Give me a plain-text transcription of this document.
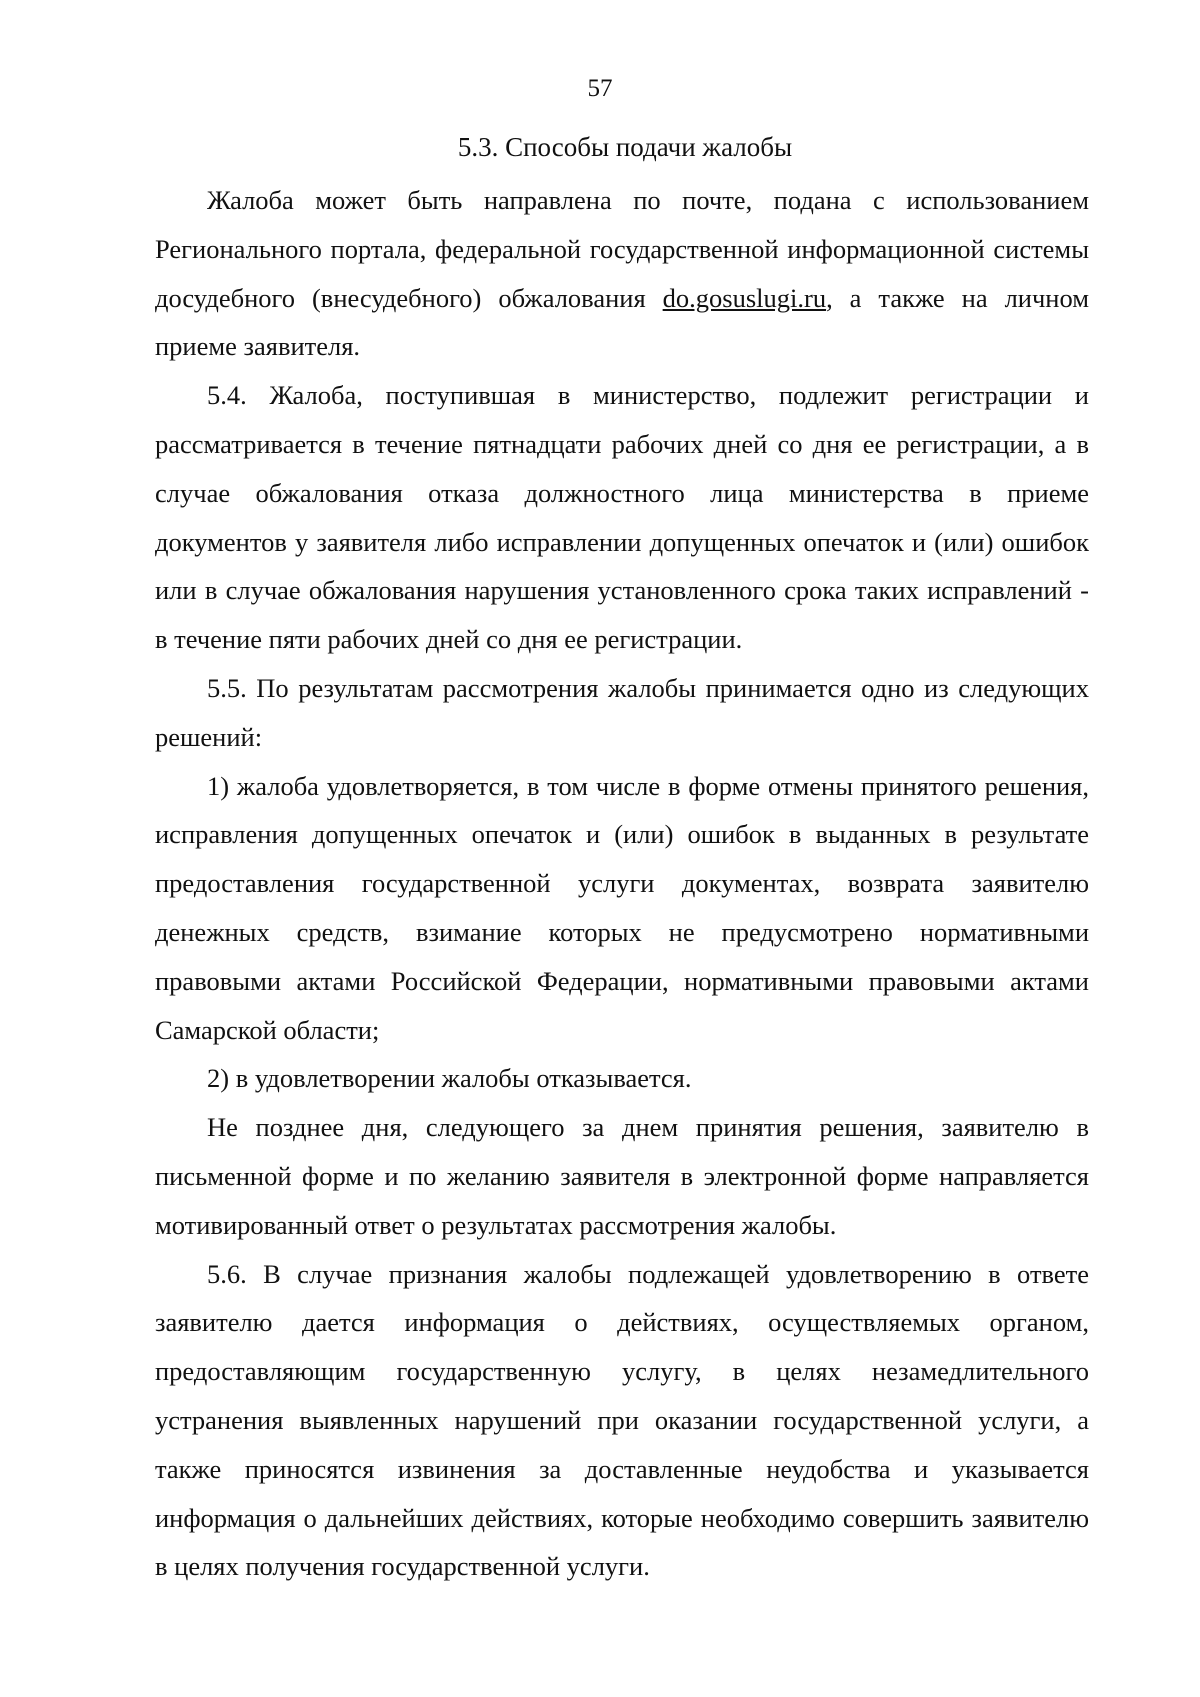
57
5.3. Способы подачи жалобы

Жалоба может быть направлена по почте, подана с использованием Регионального портала, федеральной государственной информационной системы досудебного (внесудебного) обжалования do.gosuslugi.ru, а также на личном приеме заявителя.

5.4. Жалоба, поступившая в министерство, подлежит регистрации и рассматривается в течение пятнадцати рабочих дней со дня ее регистрации, а в случае обжалования отказа должностного лица министерства в приеме документов у заявителя либо исправлении допущенных опечаток и (или) ошибок или в случае обжалования нарушения установленного срока таких исправлений - в течение пяти рабочих дней со дня ее регистрации.

5.5. По результатам рассмотрения жалобы принимается одно из следующих решений:

1) жалоба удовлетворяется, в том числе в форме отмены принятого решения, исправления допущенных опечаток и (или) ошибок в выданных в результате предоставления государственной услуги документах, возврата заявителю денежных средств, взимание которых не предусмотрено нормативными правовыми актами Российской Федерации, нормативными правовыми актами Самарской области;

2) в удовлетворении жалобы отказывается.

Не позднее дня, следующего за днем принятия решения, заявителю в письменной форме и по желанию заявителя в электронной форме направляется мотивированный ответ о результатах рассмотрения жалобы.

5.6. В случае признания жалобы подлежащей удовлетворению в ответе заявителю дается информация о действиях, осуществляемых органом, предоставляющим государственную услугу, в целях незамедлительного устранения выявленных нарушений при оказании государственной услуги, а также приносятся извинения за доставленные неудобства и указывается информация о дальнейших действиях, которые необходимо совершить заявителю в целях получения государственной услуги.
